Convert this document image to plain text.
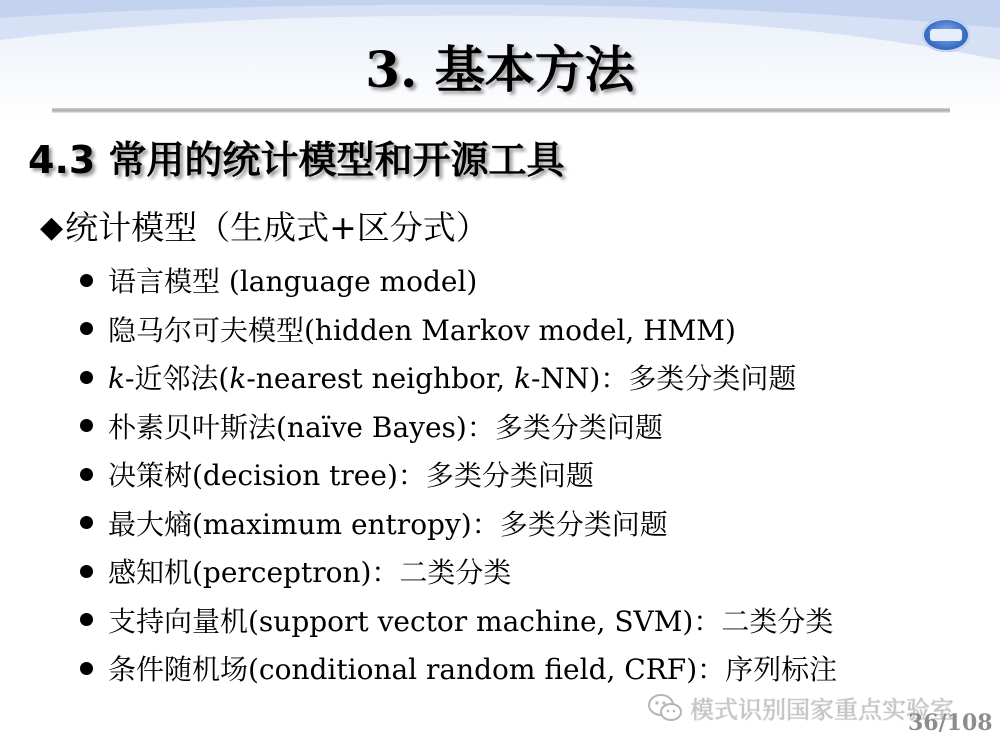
3. 基本方法
4.3 常用的统计模型和开源工具
◆ 统计模型（生成式+区分式）
语言模型 (language model)
隐马尔可夫模型(hidden Markov model, HMM)
k-近邻法(k-nearest neighbor, k-NN)：多类分类问题
朴素贝叶斯法(naïve Bayes)：多类分类问题
决策树(decision tree)：多类分类问题
最大熵(maximum entropy)：多类分类问题
感知机(perceptron)：二类分类
支持向量机(support vector machine, SVM)：二类分类
条件随机场(conditional random field, CRF)：序列标注
模式识别国家重点实验室
36/108
